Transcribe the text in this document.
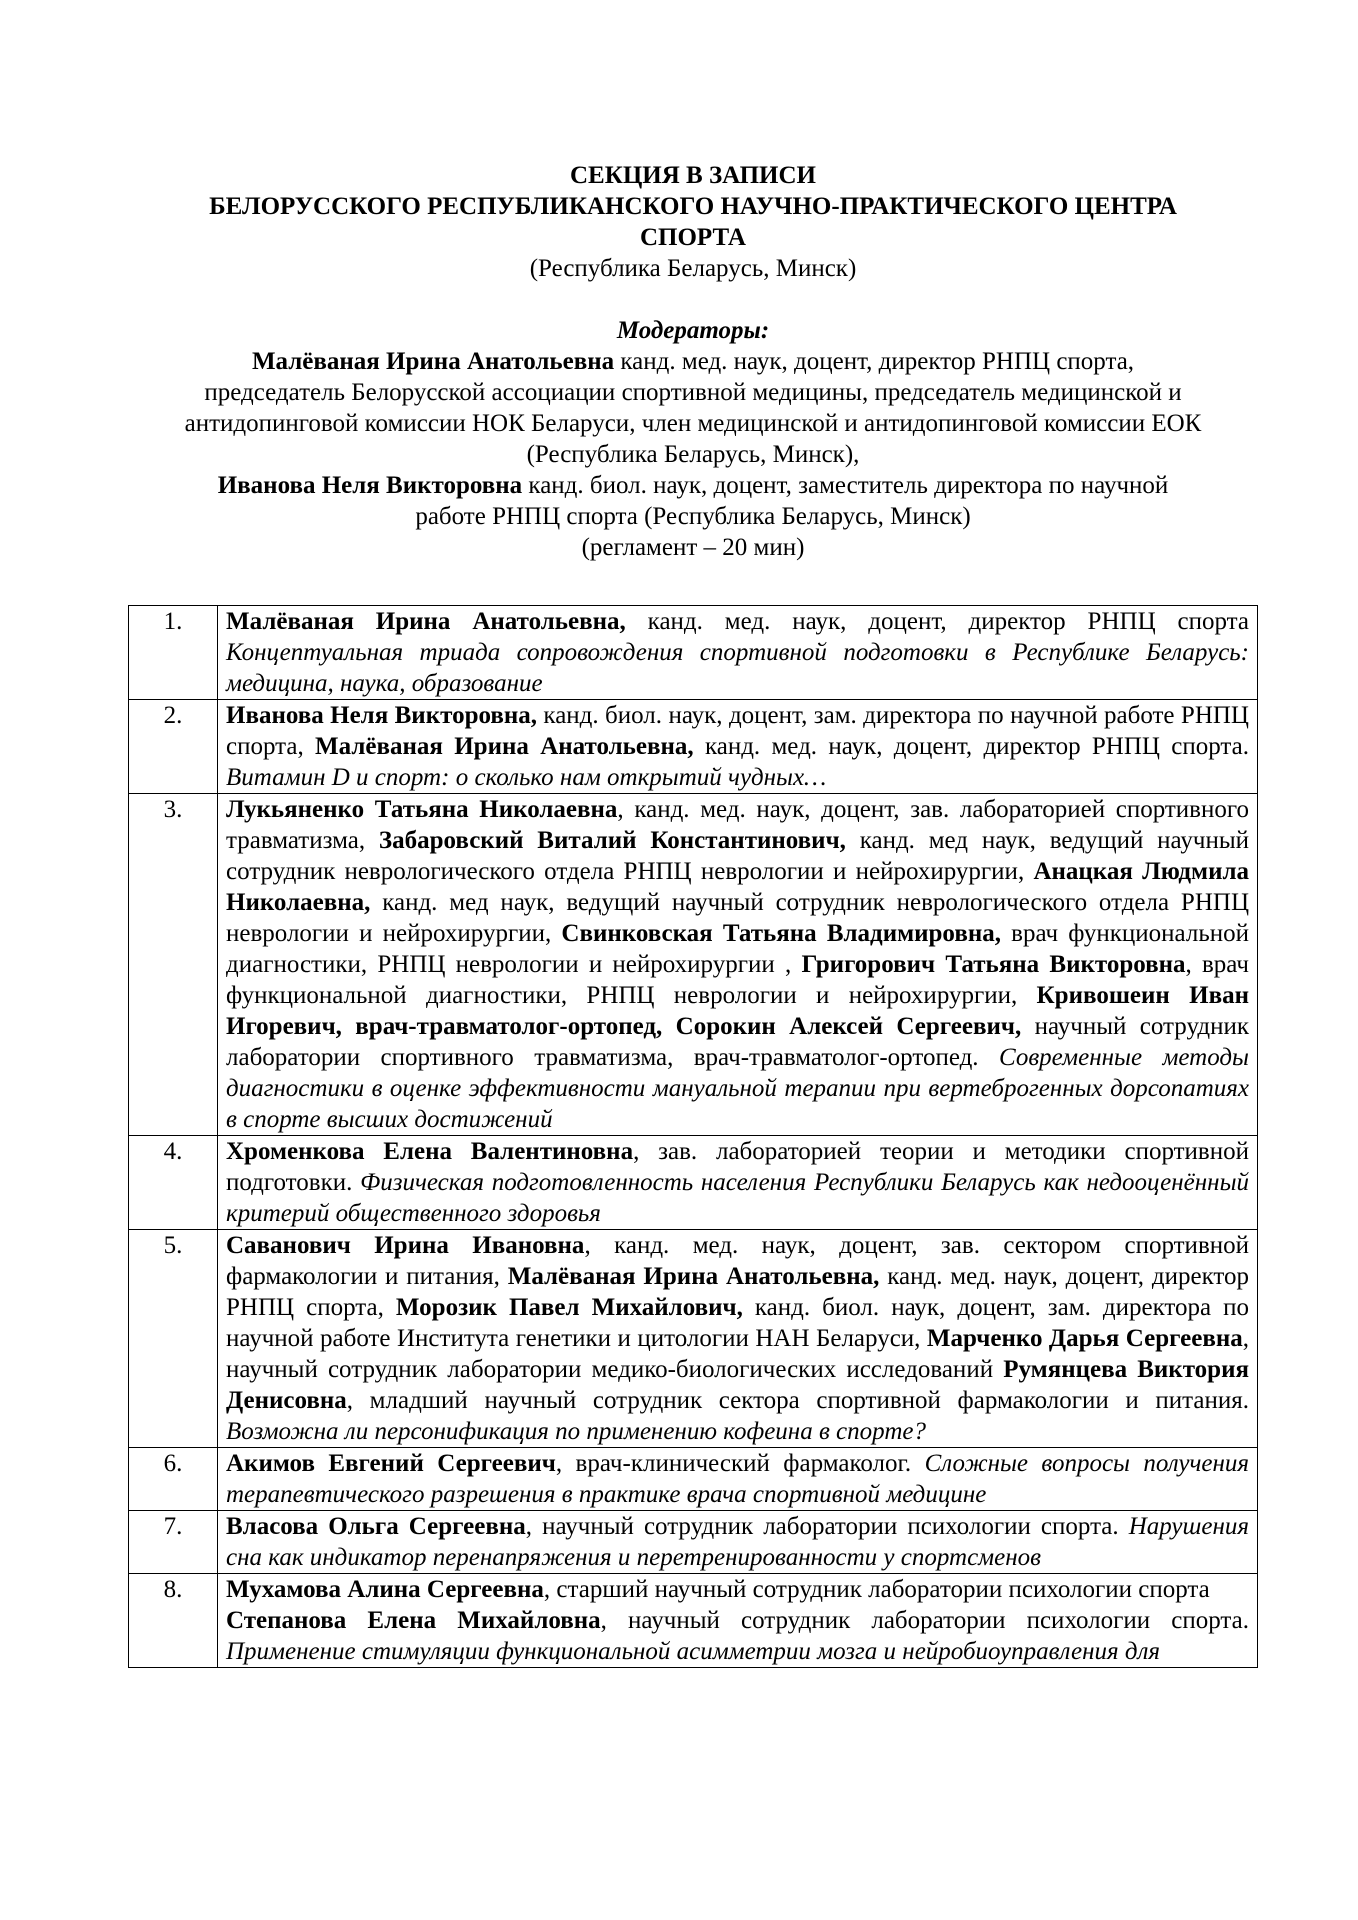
СЕКЦИЯ В ЗАПИСИ
БЕЛОРУССКОГО РЕСПУБЛИКАНСКОГО НАУЧНО-ПРАКТИЧЕСКОГО ЦЕНТРА
СПОРТА
(Республика Беларусь, Минск)
Модераторы:
Малёваная Ирина Анатольевна канд. мед. наук, доцент, директор РНПЦ спорта,
председатель Белорусской ассоциации спортивной медицины, председатель медицинской и
антидопинговой комиссии НОК Беларуси, член медицинской и антидопинговой комиссии ЕОК
(Республика Беларусь, Минск),
Иванова Неля Викторовна канд. биол. наук, доцент, заместитель директора по научной
работе РНПЦ спорта (Республика Беларусь, Минск)
(регламент – 20 мин)
1.	Малёваная Ирина Анатольевна, канд. мед. наук, доцент, директор РНПЦ спорта Концептуальная триада сопровождения спортивной подготовки в Республике Беларусь: медицина, наука, образование
2.	Иванова Неля Викторовна, канд. биол. наук, доцент, зам. директора по научной работе РНПЦ спорта, Малёваная Ирина Анатольевна, канд. мед. наук, доцент, директор РНПЦ спорта. Витамин D и спорт: о сколько нам открытий чудных…
3.	Лукьяненко Татьяна Николаевна, канд. мед. наук, доцент, зав. лабораторией спортивного травматизма, Забаровский Виталий Константинович, канд. мед наук, ведущий научный сотрудник неврологического отдела РНПЦ неврологии и нейрохирургии, Анацкая Людмила Николаевна, канд. мед наук, ведущий научный сотрудник неврологического отдела РНПЦ неврологии и нейрохирургии, Свинковская Татьяна Владимировна, врач функциональной диагностики, РНПЦ неврологии и нейрохирургии , Григорович Татьяна Викторовна, врач функциональной диагностики, РНПЦ неврологии и нейрохирургии, Кривошеин Иван Игоревич, врач-травматолог-ортопед, Сорокин Алексей Сергеевич, научный сотрудник лаборатории спортивного травматизма, врач-травматолог-ортопед. Современные методы диагностики в оценке эффективности мануальной терапии при вертеброгенных дорсопатиях в спорте высших достижений
4.	Хроменкова Елена Валентиновна, зав. лабораторией теории и методики спортивной подготовки. Физическая подготовленность населения Республики Беларусь как недооценённый критерий общественного здоровья
5.	Саванович Ирина Ивановна, канд. мед. наук, доцент, зав. сектором спортивной фармакологии и питания, Малёваная Ирина Анатольевна, канд. мед. наук, доцент, директор РНПЦ спорта, Морозик Павел Михайлович, канд. биол. наук, доцент, зам. директора по научной работе Института генетики и цитологии НАН Беларуси, Марченко Дарья Сергеевна, научный сотрудник лаборатории медико-биологических исследований Румянцева Виктория Денисовна, младший научный сотрудник сектора спортивной фармакологии и питания. Возможна ли персонификация по применению кофеина в спорте?
6.	Акимов Евгений Сергеевич, врач-клинический фармаколог. Сложные вопросы получения терапевтического разрешения в практике врача спортивной медицине
7.	Власова Ольга Сергеевна, научный сотрудник лаборатории психологии спорта. Нарушения сна как индикатор перенапряжения и перетренированности у спортсменов
8.	Мухамова Алина Сергеевна, старший научный сотрудник лаборатории психологии спорта
Степанова Елена Михайловна, научный сотрудник лаборатории психологии спорта. Применение стимуляции функциональной асимметрии мозга и нейробиоуправления для
